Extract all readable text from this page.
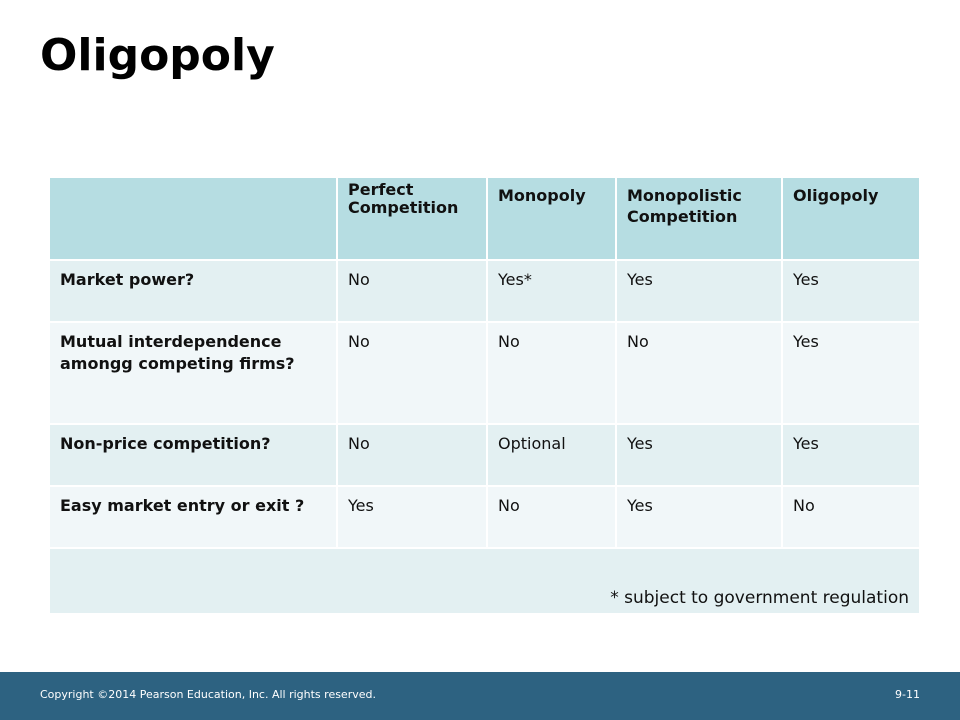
Oligopoly
	Perfect Competition	Monopoly	Monopolistic Competition	Oligopoly
Market power?	No	Yes*	Yes	Yes
Mutual interdependence amongg competing firms?	No	No	No	Yes
Non-price competition?	No	Optional	Yes	Yes
Easy market entry or exit ?	Yes	No	Yes	No
* subject to government regulation				
Copyright ©2014 Pearson Education, Inc. All rights reserved.	9-11
